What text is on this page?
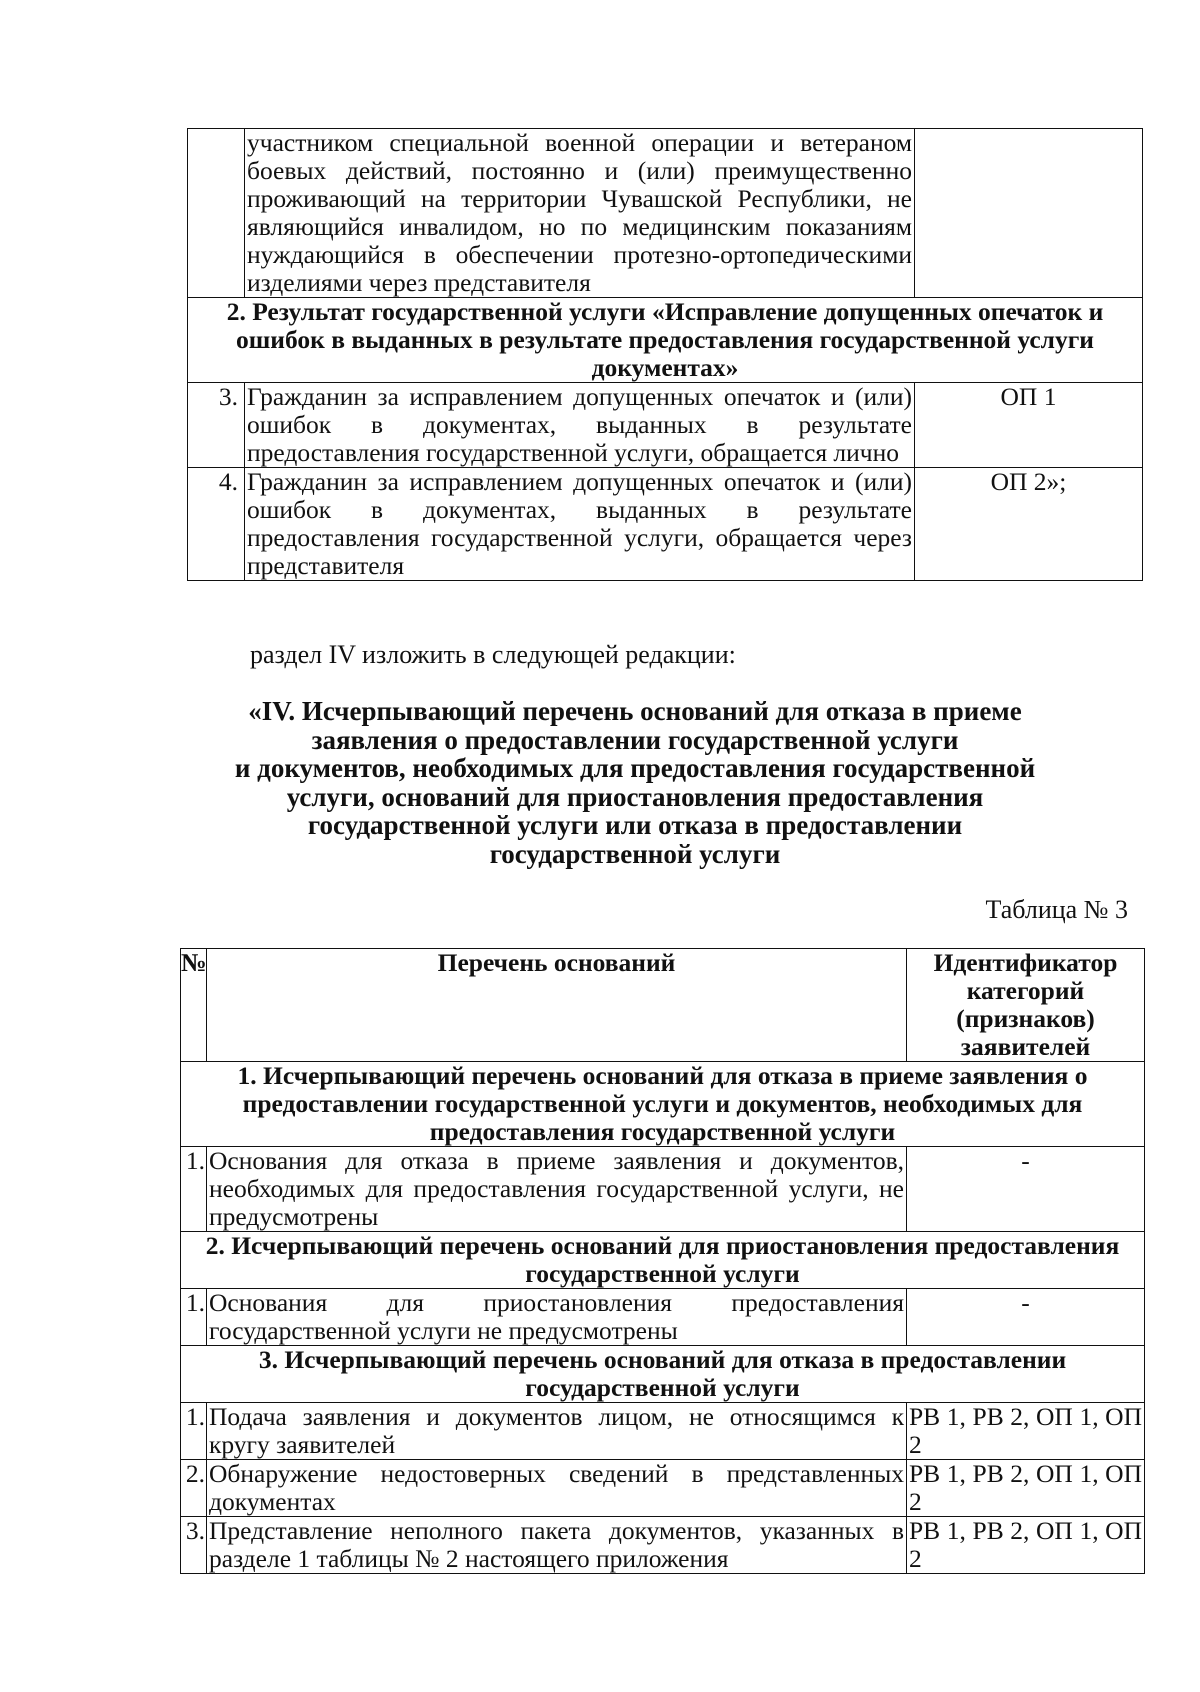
	участником специальной военной операции и ветераном боевых действий, постоянно и (или) преимущественно проживающий на территории Чувашской Республики, не являющийся инвалидом, но по медицинским показаниям нуждающийся в обеспечении протезно-ортопедическими изделиями через представителя	
2. Результат государственной услуги «Исправление допущенных опечаток и ошибок в выданных в результате предоставления государственной услуги документах»		
3.	Гражданин за исправлением допущенных опечаток и (или) ошибок в документах, выданных в результате предоставления государственной услуги, обращается лично	ОП 1
4.	Гражданин за исправлением допущенных опечаток и (или) ошибок в документах, выданных в результате предоставления государственной услуги, обращается через представителя	ОП 2»;
раздел IV изложить в следующей редакции:
«IV. Исчерпывающий перечень оснований для отказа в приеме
заявления о предоставлении государственной услуги
и документов, необходимых для предоставления государственной
услуги, оснований для приостановления предоставления
государственной услуги или отказа в предоставлении
государственной услуги
Таблица № 3
№	Перечень оснований	Идентификатор категорий (признаков) заявителей
1. Исчерпывающий перечень оснований для отказа в приеме заявления о предоставлении государственной услуги и документов, необходимых для предоставления государственной услуги		
1.	Основания для отказа в приеме заявления и документов, необходимых для предоставления государственной услуги, не предусмотрены	-
2. Исчерпывающий перечень оснований для приостановления предоставления государственной услуги		
1.	Основания для приостановления предоставления государственной услуги не предусмотрены	-
3. Исчерпывающий перечень оснований для отказа в предоставлении государственной услуги		
1.	Подача заявления и документов лицом, не относящимся к кругу заявителей	РВ 1, РВ 2, ОП 1, ОП 2
2.	Обнаружение недостоверных сведений в представленных документах	РВ 1, РВ 2, ОП 1, ОП 2
3.	Представление неполного пакета документов, указанных в разделе 1 таблицы № 2 настоящего приложения	РВ 1, РВ 2, ОП 1, ОП 2
